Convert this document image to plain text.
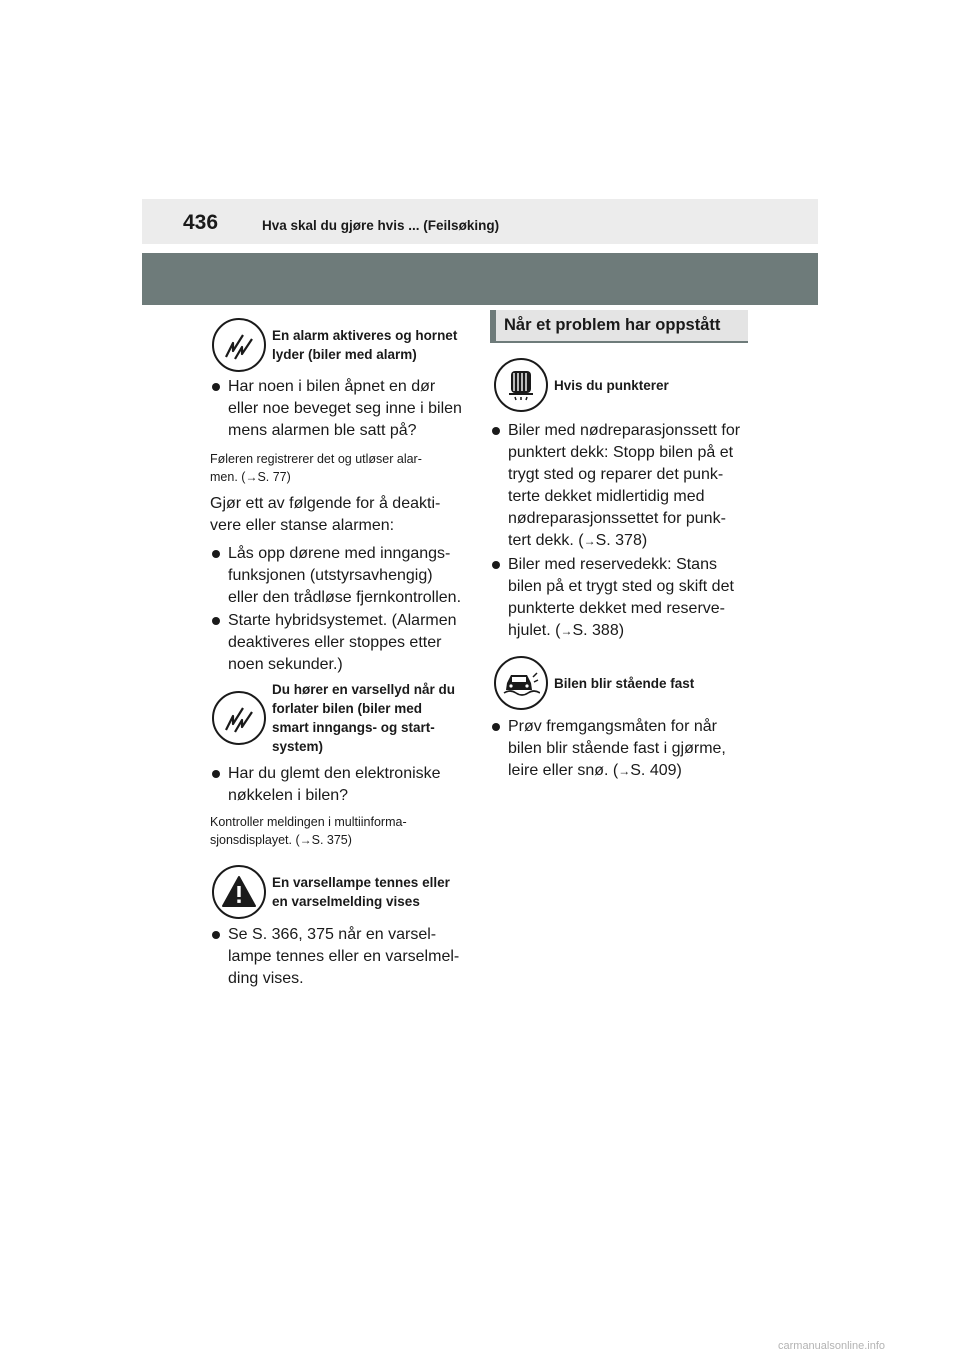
436	Hva skal du gjøre hvis ... (Feilsøking)
En alarm aktiveres og hornet
lyder (biler med alarm)
Har noen i bilen åpnet en dør
eller noe beveget seg inne i bilen
mens alarmen ble satt på?
Føleren registrerer det og utløser alar-
men. (→S. 77)
Gjør ett av følgende for å deakti-
vere eller stanse alarmen:
Lås opp dørene med inngangs-
funksjonen (utstyrsavhengig)
eller den trådløse fjernkontrollen.
Starte hybridsystemet. (Alarmen
deaktiveres eller stoppes etter
noen sekunder.)
Du hører en varsellyd når du
forlater bilen (biler med
smart inngangs- og start-
system)
Har du glemt den elektroniske
nøkkelen i bilen?
Kontroller meldingen i multiinforma-
sjonsdisplayet. (→S. 375)
En varsellampe tennes eller
en varselmelding vises
Se S. 366, 375 når en varsel-
lampe tennes eller en varselmel-
ding vises.
Når et problem har oppstått
Hvis du punkterer
Biler med nødreparasjonssett for
punktert dekk: Stopp bilen på et
trygt sted og reparer det punk-
terte dekket midlertidig med
nødreparasjonssettet for punk-
tert dekk. (→S. 378)
Biler med reservedekk: Stans
bilen på et trygt sted og skift det
punkterte dekket med reserve-
hjulet. (→S. 388)
Bilen blir stående fast
Prøv fremgangsmåten for når
bilen blir stående fast i gjørme,
leire eller snø. (→S. 409)
carmanualsonline.info
